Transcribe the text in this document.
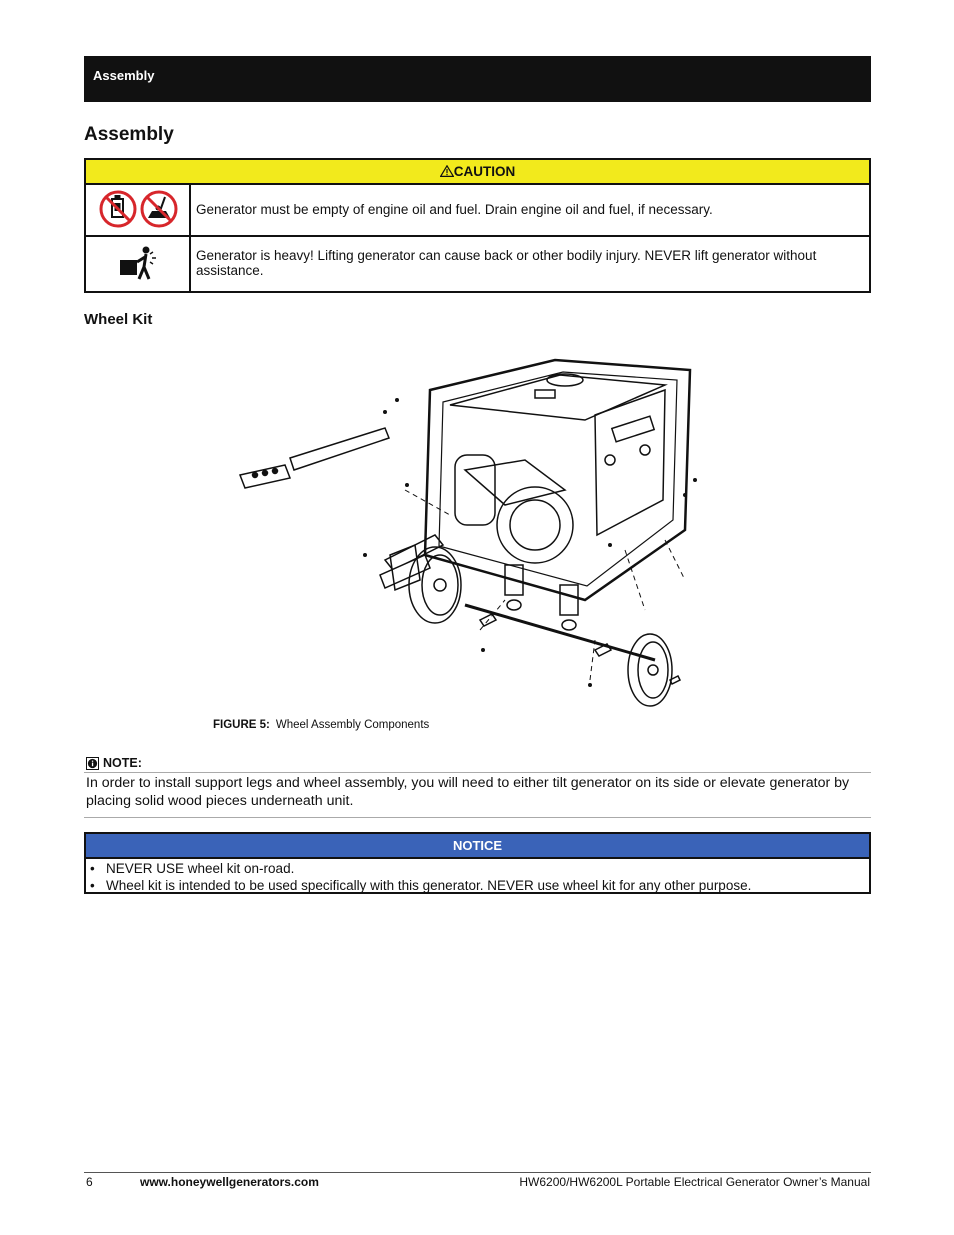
Assembly
Assembly
CAUTION	
	Generator must be empty of engine oil and fuel. Drain engine oil and fuel, if necessary.
	Generator is heavy! Lifting generator can cause back or other bodily injury. NEVER lift generator without assistance.
Wheel Kit
FIGURE 5: Wheel Assembly Components
NOTE:
In order to install support legs and wheel assembly, you will need to either tilt generator on its side or elevate generator by placing solid wood pieces underneath unit.
NOTICE
• NEVER USE wheel kit on-road.
• Wheel kit is intended to be used specifically with this generator. NEVER use wheel kit for any other purpose.
6	www.honeywellgenerators.com	HW6200/HW6200L Portable Electrical Generator Owner’s Manual
